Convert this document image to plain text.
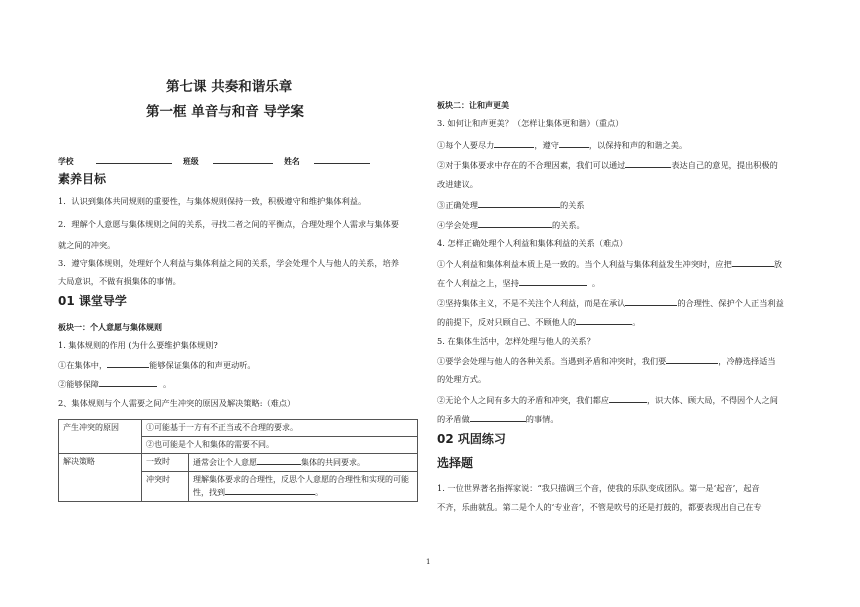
第七课 共奏和谐乐章
第一框 单音与和音 导学案
学校	班级	姓名
素养目标
1．认识到集体共同规则的重要性，与集体规则保持一致，积极遵守和维护集体利益。
2．理解个人意愿与集体规则之间的关系，寻找二者之间的平衡点，合理处理个人需求与集体要
就之间的冲突。
3．遵守集体规则，处理好个人利益与集体利益之间的关系，学会处理个人与他人的关系，培养
大局意识，不做有损集体的事情。
01 课堂导学
板块一：个人意愿与集体规则
1. 集体规则的作用 (为什么要维护集体规则?
①在集体中，	能够保证集体的和声更动听。
②能够保障	。
2、集体规则与个人需要之间产生冲突的原因及解决策略:（难点）
产生冲突的原因	①可能基于一方有不正当或不合理的要求。	
	②也可能是个人和集体的需要不同。	
解决策略	一致时	通常会让个人意愿 集体的共同要求。
	冲突时	理解集体要求的合理性，反思个人意愿的合理性和实现的可能
性，找到 。
板块二：让和声更美
3. 如何让和声更美？（怎样让集体更和谐）（重点）
①每个人要尽力	，遵守	，以保持和声的和谐之美。
②对于集体要求中存在的不合理因素，我们可以通过	表达自己的意见，提出积极的
改进建议。
③正确处理	的关系
④学会处理	的关系。
4. 怎样正确处理个人利益和集体利益的关系（难点）
①个人利益和集体利益本质上是一致的。当个人利益与集体利益发生冲突时，应把	放
在个人利益之上，坚持	。
②坚持集体主义，不是不关注个人利益，而是在承认	的合理性、保护个人正当利益
的前提下，反对只顾自己、不顾他人的	。
5. 在集体生活中，怎样处理与他人的关系？
①要学会处理与他人的各种关系。当遇到矛盾和冲突时，我们要	，冷静选择适当
的处理方式。
②无论个人之间有多大的矛盾和冲突，我们都应	，识大体、顾大局，不得因个人之间
的矛盾做	的事情。
02 巩固练习
选择题
1. 一位世界著名指挥家说：“我只描调三个音，使我的乐队变成团队。第一是‘起音’，起音
不齐，乐曲就乱。第二是个人的‘专业音’，不管是吹号的还是打鼓的，都要表现出自己在专
1
